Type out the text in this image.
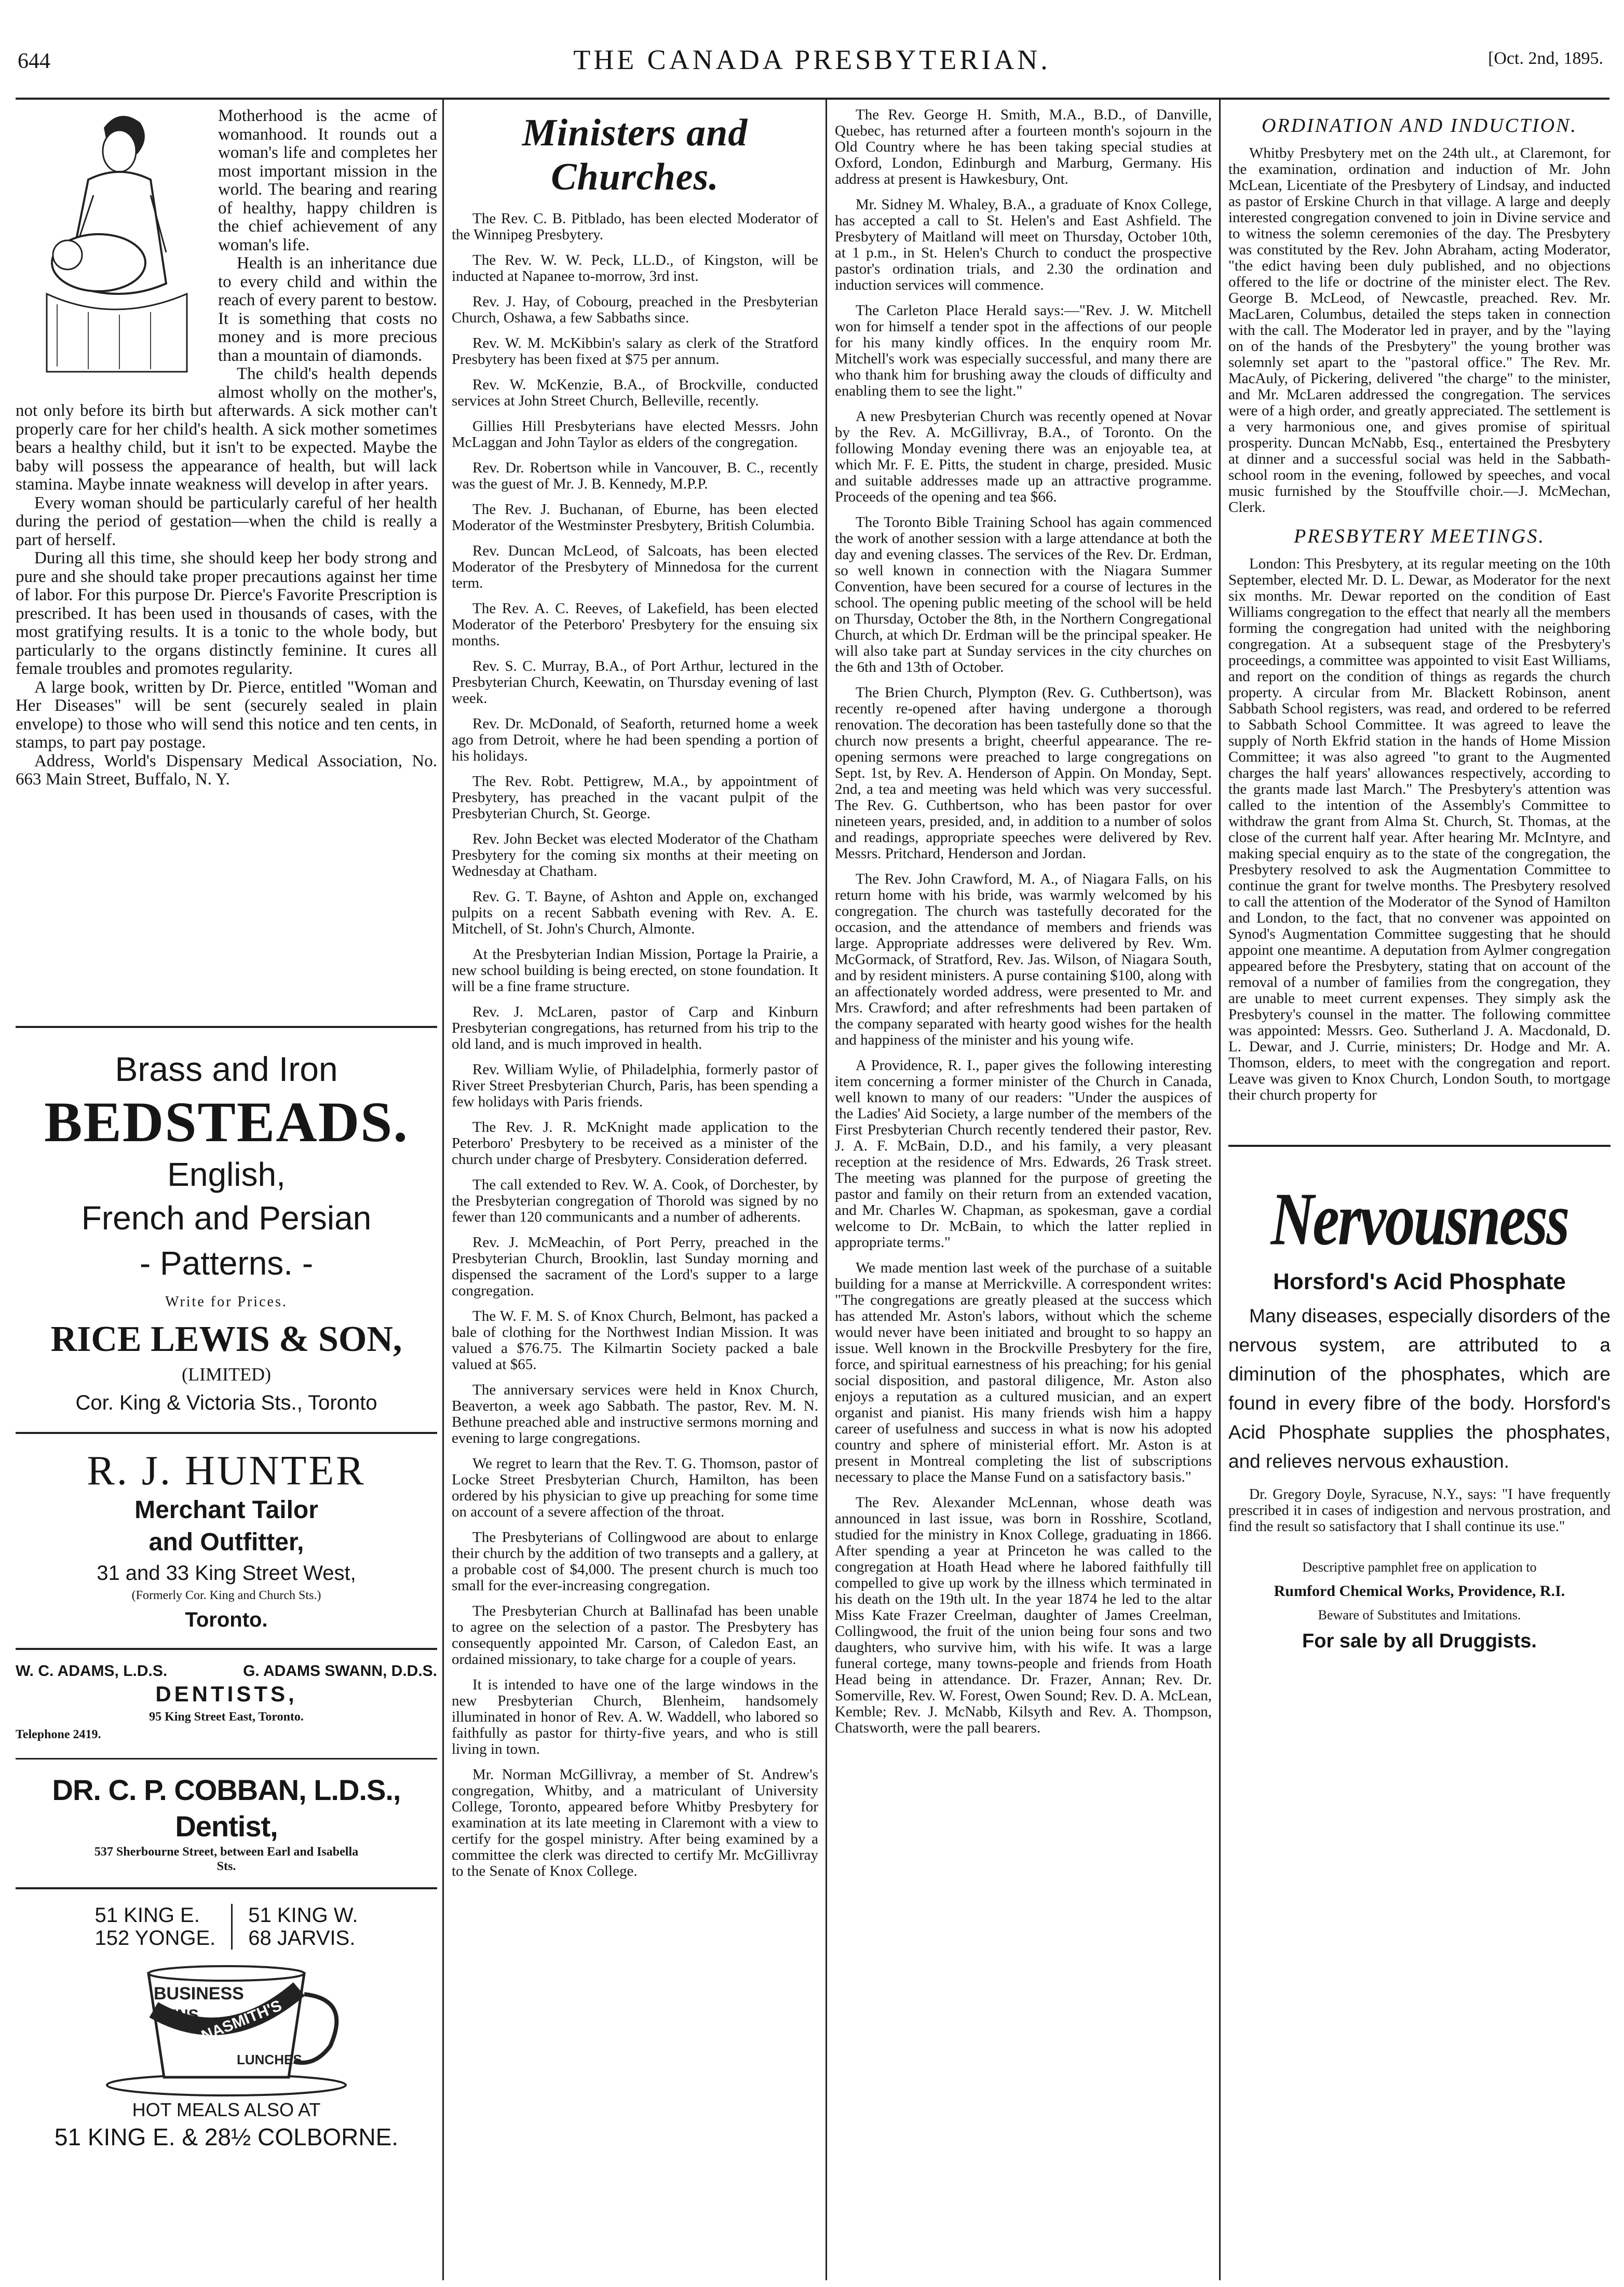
644	THE CANADA PRESBYTERIAN.	[Oct. 2nd, 1895.

Motherhood is the acme of womanhood. It rounds out a woman's life and completes her most important mission in the world. The bearing and rearing of healthy, happy children is the chief achievement of any woman's life.

Health is an inheritance due to every child and within the reach of every parent to bestow. It is something that costs no money and is more precious than a mountain of diamonds.

The child's health depends almost wholly on the mother's, not only before its birth but afterwards. A sick mother can't properly care for her child's health. A sick mother sometimes bears a healthy child, but it isn't to be expected. Maybe the baby will possess the appearance of health, but will lack stamina. Maybe innate weakness will develop in after years.

Every woman should be particularly careful of her health during the period of gestation—when the child is really a part of herself.

During all this time, she should keep her body strong and pure and she should take proper precautions against her time of labor. For this purpose Dr. Pierce's Favorite Prescription is prescribed. It has been used in thousands of cases, with the most gratifying results. It is a tonic to the whole body, but particularly to the organs distinctly feminine. It cures all female troubles and promotes regularity.

A large book, written by Dr. Pierce, entitled "Woman and Her Diseases" will be sent (securely sealed in plain envelope) to those who will send this notice and ten cents, in stamps, to part pay postage.

Address, World's Dispensary Medical Association, No. 663 Main Street, Buffalo, N. Y.

Brass and Iron
BEDSTEADS.
English,
French and Persian
- Patterns. -
Write for Prices.
RICE LEWIS & SON,
(LIMITED)
Cor. King & Victoria Sts., Toronto
R. J. HUNTER
Merchant Tailor
and Outfitter,
31 and 33 King Street West,
(Formerly Cor. King and Church Sts.)
Toronto.
W. C. ADAMS, L.D.S.	G. ADAMS SWANN, D.D.S.
DENTISTS,
95 King Street East, Toronto.
Telephone 2419.
DR. C. P. COBBAN, L.D.S., Dentist,
537 Sherbourne Street, between Earl and Isabella Sts.
51 KING E.
152 YONGE.
51 KING W.
68 JARVIS.
BUSINESS
MENS NASMITH'S
LUNCHES
HOT MEALS ALSO AT
51 KING E. & 28½ COLBORNE.
Ministers and Churches.

The Rev. C. B. Pitblado, has been elected Moderator of the Winnipeg Presbytery.

The Rev. W. W. Peck, LL.D., of Kingston, will be inducted at Napanee to-morrow, 3rd inst.

Rev. J. Hay, of Cobourg, preached in the Presbyterian Church, Oshawa, a few Sabbaths since.

Rev. W. M. McKibbin's salary as clerk of the Stratford Presbytery has been fixed at $75 per annum.

Rev. W. McKenzie, B.A., of Brockville, conducted services at John Street Church, Belleville, recently.

Gillies Hill Presbyterians have elected Messrs. John McLaggan and John Taylor as elders of the congregation.

Rev. Dr. Robertson while in Vancouver, B. C., recently was the guest of Mr. J. B. Kennedy, M.P.P.

The Rev. J. Buchanan, of Eburne, has been elected Moderator of the Westminster Presbytery, British Columbia.

Rev. Duncan McLeod, of Salcoats, has been elected Moderator of the Presbytery of Minnedosa for the current term.

The Rev. A. C. Reeves, of Lakefield, has been elected Moderator of the Peterboro' Presbytery for the ensuing six months.

Rev. S. C. Murray, B.A., of Port Arthur, lectured in the Presbyterian Church, Keewatin, on Thursday evening of last week.

Rev. Dr. McDonald, of Seaforth, returned home a week ago from Detroit, where he had been spending a portion of his holidays.

The Rev. Robt. Pettigrew, M.A., by appointment of Presbytery, has preached in the vacant pulpit of the Presbyterian Church, St. George.

Rev. John Becket was elected Moderator of the Chatham Presbytery for the coming six months at their meeting on Wednesday at Chatham.

Rev. G. T. Bayne, of Ashton and Apple on, exchanged pulpits on a recent Sabbath evening with Rev. A. E. Mitchell, of St. John's Church, Almonte.

At the Presbyterian Indian Mission, Portage la Prairie, a new school building is being erected, on stone foundation. It will be a fine frame structure.

Rev. J. McLaren, pastor of Carp and Kinburn Presbyterian congregations, has returned from his trip to the old land, and is much improved in health.

Rev. William Wylie, of Philadelphia, formerly pastor of River Street Presbyterian Church, Paris, has been spending a few holidays with Paris friends.

The Rev. J. R. McKnight made application to the Peterboro' Presbytery to be received as a minister of the church under charge of Presbytery. Consideration deferred.

The call extended to Rev. W. A. Cook, of Dorchester, by the Presbyterian congregation of Thorold was signed by no fewer than 120 communicants and a number of adherents.

Rev. J. McMeachin, of Port Perry, preached in the Presbyterian Church, Brooklin, last Sunday morning and dispensed the sacrament of the Lord's supper to a large congregation.

The W. F. M. S. of Knox Church, Belmont, has packed a bale of clothing for the Northwest Indian Mission. It was valued a $76.75. The Kilmartin Society packed a bale valued at $65.

The anniversary services were held in Knox Church, Beaverton, a week ago Sabbath. The pastor, Rev. M. N. Bethune preached able and instructive sermons morning and evening to large congregations.

We regret to learn that the Rev. T. G. Thomson, pastor of Locke Street Presbyterian Church, Hamilton, has been ordered by his physician to give up preaching for some time on account of a severe affection of the throat.

The Presbyterians of Collingwood are about to enlarge their church by the addition of two transepts and a gallery, at a probable cost of $4,000. The present church is much too small for the ever-increasing congregation.

The Presbyterian Church at Ballinafad has been unable to agree on the selection of a pastor. The Presbytery has consequently appointed Mr. Carson, of Caledon East, an ordained missionary, to take charge for a couple of years.

It is intended to have one of the large windows in the new Presbyterian Church, Blenheim, handsomely illuminated in honor of Rev. A. W. Waddell, who labored so faithfully as pastor for thirty-five years, and who is still living in town.

Mr. Norman McGillivray, a member of St. Andrew's congregation, Whitby, and a matriculant of University College, Toronto, appeared before Whitby Presbytery for examination at its late meeting in Claremont with a view to certify for the gospel ministry. After being examined by a committee the clerk was directed to certify Mr. McGillivray to the Senate of Knox College.

The Rev. George H. Smith, M.A., B.D., of Danville, Quebec, has returned after a fourteen month's sojourn in the Old Country where he has been taking special studies at Oxford, London, Edinburgh and Marburg, Germany. His address at present is Hawkesbury, Ont.

Mr. Sidney M. Whaley, B.A., a graduate of Knox College, has accepted a call to St. Helen's and East Ashfield. The Presbytery of Maitland will meet on Thursday, October 10th, at 1 p.m., in St. Helen's Church to conduct the prospective pastor's ordination trials, and 2.30 the ordination and induction services will commence.

The Carleton Place Herald says:—"Rev. J. W. Mitchell won for himself a tender spot in the affections of our people for his many kindly offices. In the enquiry room Mr. Mitchell's work was especially successful, and many there are who thank him for brushing away the clouds of difficulty and enabling them to see the light."

A new Presbyterian Church was recently opened at Novar by the Rev. A. McGillivray, B.A., of Toronto. On the following Monday evening there was an enjoyable tea, at which Mr. F. E. Pitts, the student in charge, presided. Music and suitable addresses made up an attractive programme. Proceeds of the opening and tea $66.

The Toronto Bible Training School has again commenced the work of another session with a large attendance at both the day and evening classes. The services of the Rev. Dr. Erdman, so well known in connection with the Niagara Summer Convention, have been secured for a course of lectures in the school. The opening public meeting of the school will be held on Thursday, October the 8th, in the Northern Congregational Church, at which Dr. Erdman will be the principal speaker. He will also take part at Sunday services in the city churches on the 6th and 13th of October.

The Brien Church, Plympton (Rev. G. Cuthbertson), was recently re-opened after having undergone a thorough renovation. The decoration has been tastefully done so that the church now presents a bright, cheerful appearance. The re-opening sermons were preached to large congregations on Sept. 1st, by Rev. A. Henderson of Appin. On Monday, Sept. 2nd, a tea and meeting was held which was very successful. The Rev. G. Cuthbertson, who has been pastor for over nineteen years, presided, and, in addition to a number of solos and readings, appropriate speeches were delivered by Rev. Messrs. Pritchard, Henderson and Jordan.

The Rev. John Crawford, M. A., of Niagara Falls, on his return home with his bride, was warmly welcomed by his congregation. The church was tastefully decorated for the occasion, and the attendance of members and friends was large. Appropriate addresses were delivered by Rev. Wm. McGormack, of Stratford, Rev. Jas. Wilson, of Niagara South, and by resident ministers. A purse containing $100, along with an affectionately worded address, were presented to Mr. and Mrs. Crawford; and after refreshments had been partaken of the company separated with hearty good wishes for the health and happiness of the minister and his young wife.

A Providence, R. I., paper gives the following interesting item concerning a former minister of the Church in Canada, well known to many of our readers: "Under the auspices of the Ladies' Aid Society, a large number of the members of the First Presbyterian Church recently tendered their pastor, Rev. J. A. F. McBain, D.D., and his family, a very pleasant reception at the residence of Mrs. Edwards, 26 Trask street. The meeting was planned for the purpose of greeting the pastor and family on their return from an extended vacation, and Mr. Charles W. Chapman, as spokesman, gave a cordial welcome to Dr. McBain, to which the latter replied in appropriate terms."

We made mention last week of the purchase of a suitable building for a manse at Merrickville. A correspondent writes: "The congregations are greatly pleased at the success which has attended Mr. Aston's labors, without which the scheme would never have been initiated and brought to so happy an issue. Well known in the Brockville Presbytery for the fire, force, and spiritual earnestness of his preaching; for his genial social disposition, and pastoral diligence, Mr. Aston also enjoys a reputation as a cultured musician, and an expert organist and pianist. His many friends wish him a happy career of usefulness and success in what is now his adopted country and sphere of ministerial effort. Mr. Aston is at present in Montreal completing the list of subscriptions necessary to place the Manse Fund on a satisfactory basis."

The Rev. Alexander McLennan, whose death was announced in last issue, was born in Rosshire, Scotland, studied for the ministry in Knox College, graduating in 1866. After spending a year at Princeton he was called to the congregation at Hoath Head where he labored faithfully till compelled to give up work by the illness which terminated in his death on the 19th ult. In the year 1874 he led to the altar Miss Kate Frazer Creelman, daughter of James Creelman, Collingwood, the fruit of the union being four sons and two daughters, who survive him, with his wife. It was a large funeral cortege, many towns-people and friends from Hoath Head being in attendance. Dr. Frazer, Annan; Rev. Dr. Somerville, Rev. W. Forest, Owen Sound; Rev. D. A. McLean, Kemble; Rev. J. McNabb, Kilsyth and Rev. A. Thompson, Chatsworth, were the pall bearers.

ORDINATION AND INDUCTION.

Whitby Presbytery met on the 24th ult., at Claremont, for the examination, ordination and induction of Mr. John McLean, Licentiate of the Presbytery of Lindsay, and inducted as pastor of Erskine Church in that village. A large and deeply interested congregation convened to join in Divine service and to witness the solemn ceremonies of the day. The Presbytery was constituted by the Rev. John Abraham, acting Moderator, "the edict having been duly published, and no objections offered to the life or doctrine of the minister elect. The Rev. George B. McLeod, of Newcastle, preached. Rev. Mr. MacLaren, Columbus, detailed the steps taken in connection with the call. The Moderator led in prayer, and by the "laying on of the hands of the Presbytery" the young brother was solemnly set apart to the "pastoral office." The Rev. Mr. MacAuly, of Pickering, delivered "the charge" to the minister, and Mr. McLaren addressed the congregation. The services were of a high order, and greatly appreciated. The settlement is a very harmonious one, and gives promise of spiritual prosperity. Duncan McNabb, Esq., entertained the Presbytery at dinner and a successful social was held in the Sabbath-school room in the evening, followed by speeches, and vocal music furnished by the Stouffville choir.—J. McMechan, Clerk.

PRESBYTERY MEETINGS.

London: This Presbytery, at its regular meeting on the 10th September, elected Mr. D. L. Dewar, as Moderator for the next six months. Mr. Dewar reported on the condition of East Williams congregation to the effect that nearly all the members forming the congregation had united with the neighboring congregation. At a subsequent stage of the Presbytery's proceedings, a committee was appointed to visit East Williams, and report on the condition of things as regards the church property. A circular from Mr. Blackett Robinson, anent Sabbath School registers, was read, and ordered to be referred to Sabbath School Committee. It was agreed to leave the supply of North Ekfrid station in the hands of Home Mission Committee; it was also agreed "to grant to the Augmented charges the half years' allowances respectively, according to the grants made last March." The Presbytery's attention was called to the intention of the Assembly's Committee to withdraw the grant from Alma St. Church, St. Thomas, at the close of the current half year. After hearing Mr. McIntyre, and making special enquiry as to the state of the congregation, the Presbytery resolved to ask the Augmentation Committee to continue the grant for twelve months. The Presbytery resolved to call the attention of the Moderator of the Synod of Hamilton and London, to the fact, that no convener was appointed on Synod's Augmentation Committee suggesting that he should appoint one meantime. A deputation from Aylmer congregation appeared before the Presbytery, stating that on account of the removal of a number of families from the congregation, they are unable to meet current expenses. They simply ask the Presbytery's counsel in the matter. The following committee was appointed: Messrs. Geo. Sutherland J. A. Macdonald, D. L. Dewar, and J. Currie, ministers; Dr. Hodge and Mr. A. Thomson, elders, to meet with the congregation and report. Leave was given to Knox Church, London South, to mortgage their church property for

Nervousness
Horsford's Acid Phosphate

Many diseases, especially disorders of the nervous system, are attributed to a diminution of the phosphates, which are found in every fibre of the body. Horsford's Acid Phosphate supplies the phosphates, and relieves nervous exhaustion.

Dr. Gregory Doyle, Syracuse, N.Y., says: "I have frequently prescribed it in cases of indigestion and nervous prostration, and find the result so satisfactory that I shall continue its use."

Descriptive pamphlet free on application to
Rumford Chemical Works, Providence, R.I.
Beware of Substitutes and Imitations.
For sale by all Druggists.
